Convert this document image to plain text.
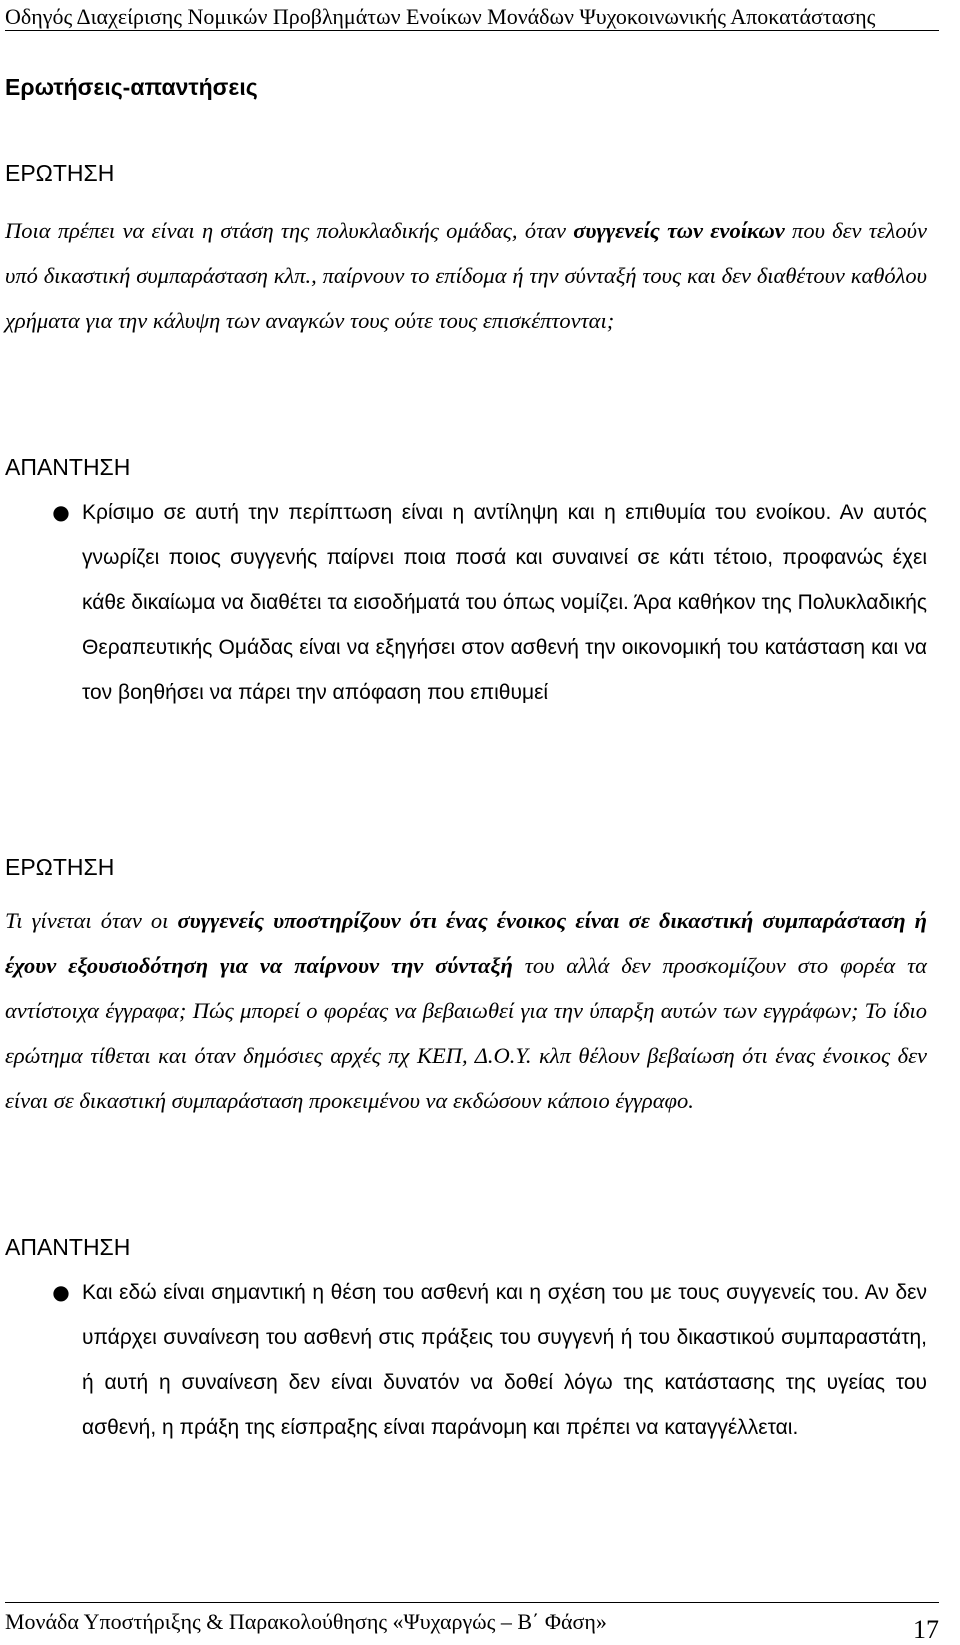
Οδηγός Διαχείρισης Νομικών Προβλημάτων Ενοίκων Μονάδων Ψυχοκοινωνικής Αποκατάστασης
Ερωτήσεις-απαντήσεις
ΕΡΩΤΗΣΗ
Ποια πρέπει να είναι η στάση της πολυκλαδικής ομάδας, όταν συγγενείς των ενοίκων που δεν τελούν υπό δικαστική συμπαράσταση κλπ., παίρνουν το επίδομα ή την σύνταξή τους και δεν διαθέτουν καθόλου χρήματα για την κάλυψη των αναγκών τους ούτε τους επισκέπτονται;
ΑΠΑΝΤΗΣΗ
● Κρίσιμο σε αυτή την περίπτωση είναι η αντίληψη και η επιθυμία του ενοίκου. Αν αυτός γνωρίζει ποιος συγγενής παίρνει ποια ποσά και συναινεί σε κάτι τέτοιο, προφανώς έχει κάθε δικαίωμα να διαθέτει τα εισοδήματά του όπως νομίζει. Άρα καθήκον της Πολυκλαδικής Θεραπευτικής Ομάδας είναι να εξηγήσει στον ασθενή την οικονομική του κατάσταση και να τον βοηθήσει να πάρει την απόφαση που επιθυμεί
ΕΡΩΤΗΣΗ
Τι γίνεται όταν οι συγγενείς υποστηρίζουν ότι ένας ένοικος είναι σε δικαστική συμπαράσταση ή έχουν εξουσιοδότηση για να παίρνουν την σύνταξή του αλλά δεν προσκομίζουν στο φορέα τα αντίστοιχα έγγραφα; Πώς μπορεί ο φορέας να βεβαιωθεί για την ύπαρξη αυτών των εγγράφων; Το ίδιο ερώτημα τίθεται και όταν δημόσιες αρχές πχ ΚΕΠ, Δ.Ο.Υ. κλπ θέλουν βεβαίωση ότι ένας ένοικος δεν είναι σε δικαστική συμπαράσταση προκειμένου να εκδώσουν κάποιο έγγραφο.
ΑΠΑΝΤΗΣΗ
● Και εδώ είναι σημαντική η θέση του ασθενή και η σχέση του με τους συγγενείς του. Αν δεν υπάρχει συναίνεση του ασθενή στις πράξεις του συγγενή ή του δικαστικού συμπαραστάτη, ή αυτή η συναίνεση δεν είναι δυνατόν να δοθεί λόγω της κατάστασης της υγείας του ασθενή, η πράξη της είσπραξης είναι παράνομη και πρέπει να καταγγέλλεται.
Μονάδα Υποστήριξης & Παρακολούθησης «Ψυχαργώς – Β΄ Φάση»	17
